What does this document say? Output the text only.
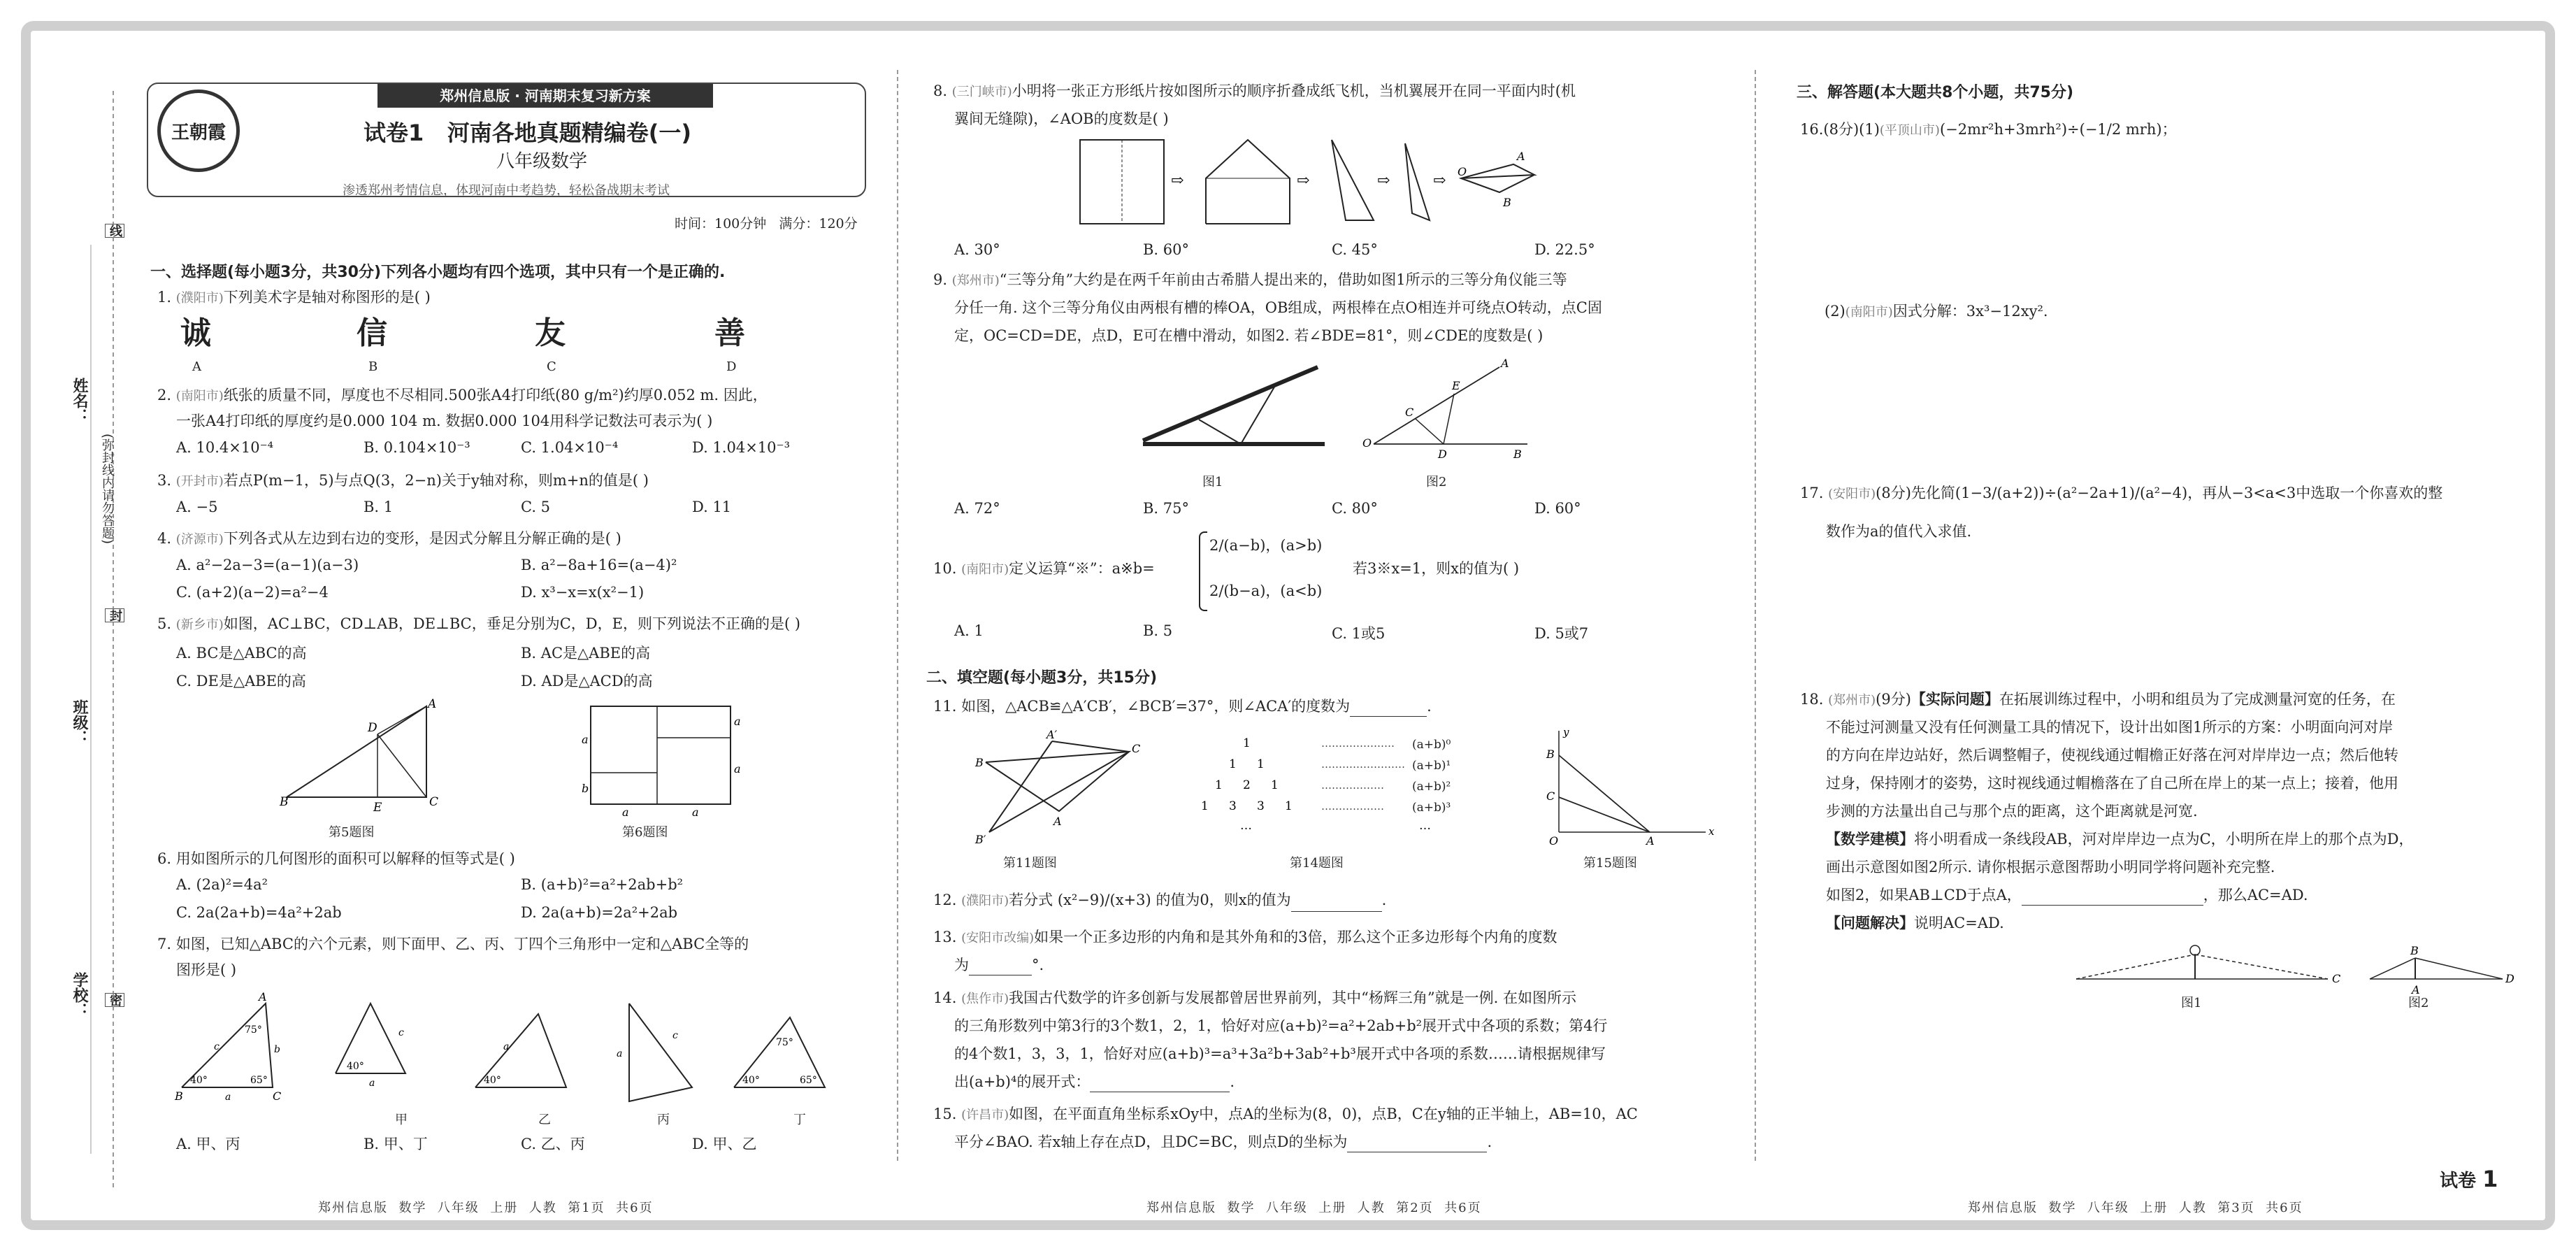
学校：
班级：
姓名：
(弥封线内请勿答题)
密
封
线
郑州信息版 · 河南期末复习新方案
王朝霞	试卷1   河南各地真题精编卷(一)
八年级数学
渗透郑州考情信息，体现河南中考趋势，轻松备战期末考试
时间：100分钟   满分：120分
一、选择题(每小题3分，共30分)下列各小题均有四个选项，其中只有一个是正确的.
1. (濮阳市)下列美术字是轴对称图形的是( )
诚	信	友	善
A	B	C	D
2. (南阳市)纸张的质量不同，厚度也不尽相同.500张A4打印纸(80 g/m²)约厚0.052 m. 因此，
一张A4打印纸的厚度约是0.000 104 m. 数据0.000 104用科学记数法可表示为( )
A. 10.4×10⁻⁴	B. 0.104×10⁻³	C. 1.04×10⁻⁴	D. 1.04×10⁻³
3. (开封市)若点P(m−1，5)与点Q(3，2−n)关于y轴对称，则m+n的值是( )
A. −5	B. 1	C. 5	D. 11
4. (济源市)下列各式从左边到右边的变形，是因式分解且分解正确的是( )
A. a²−2a−3=(a−1)(a−3)	B. a²−8a+16=(a−4)²
C. (a+2)(a−2)=a²−4	D. x³−x=x(x²−1)
5. (新乡市)如图，AC⊥BC，CD⊥AB，DE⊥BC，垂足分别为C，D，E，则下列说法不正确的是( )
A. BC是△ABC的高	B. AC是△ABE的高
C. DE是△ABE的高	D. AD是△ACD的高
B	C
A
D
E
第5题图
a
b
a
a
a	a
第6题图
6. 用如图所示的几何图形的面积可以解释的恒等式是( )
A. (2a)²=4a²	B. (a+b)²=a²+2ab+b²
C. 2a(2a+b)=4a²+2ab	D. 2a(a+b)=2a²+2ab
7. 如图，已知△ABC的六个元素，则下面甲、乙、丙、丁四个三角形中一定和△ABC全等的
图形是( )
A
B	C
75°
40°	65°
b
a
c
40°
c
a	40°
a
c
a
75°
40°	65°
甲	乙	丙	丁
A. 甲、丙	B. 甲、丁	C. 乙、丙	D. 甲、乙
郑州信息版  数学  八年级  上册  人教  第1页  共6页
8. (三门峡市)小明将一张正方形纸片按如图所示的顺序折叠成纸飞机，当机翼展开在同一平面内时(机
翼间无缝隙)，∠AOB的度数是( )
⇨	⇨	⇨	⇨
A
B
O
A. 30°	B. 60°	C. 45°	D. 22.5°
9. (郑州市)“三等分角”大约是在两千年前由古希腊人提出来的，借助如图1所示的三等分角仪能三等
分任一角. 这个三等分角仪由两根有槽的棒OA，OB组成，两根棒在点O相连并可绕点O转动，点C固
定，OC=CD=DE，点D，E可在槽中滑动，如图2. 若∠BDE=81°，则∠CDE的度数是( )
O
C
D
E
A
B
图1	图2
A. 72°	B. 75°	C. 80°	D. 60°
10. (南阳市)定义运算“※”：a※b=
2/(a−b)，(a>b)
2/(b−a)，(a<b)
若3※x=1，则x的值为( )
A. 1	B. 5	C. 1或5	D. 5或7
二、填空题(每小题3分，共15分)
11. 如图，△ACB≌△A′CB′，∠BCB′=37°，则∠ACA′的度数为	.
B
A′
C
A
B′
第11题图
1
1 1
1 2 1
1 3 3 1
…
…………………
……………………
………………
………………
…
(a+b)⁰
(a+b)¹
(a+b)²
(a+b)³
第14题图
y
x
B
C
O	A
第15题图
12. (濮阳市)若分式 (x²−9)/(x+3) 的值为0，则x的值为	.
13. (安阳市改编)如果一个正多边形的内角和是其外角和的3倍，那么这个正多边形每个内角的度数
为	°.
14. (焦作市)我国古代数学的许多创新与发展都曾居世界前列，其中“杨辉三角”就是一例. 在如图所示
的三角形数列中第3行的3个数1，2，1，恰好对应(a+b)²=a²+2ab+b²展开式中各项的系数；第4行
的4个数1，3，3，1，恰好对应(a+b)³=a³+3a²b+3ab²+b³展开式中各项的系数……请根据规律写
出(a+b)⁴的展开式：	.
15. (许昌市)如图，在平面直角坐标系xOy中，点A的坐标为(8，0)，点B，C在y轴的正半轴上，AB=10，AC
平分∠BAO. 若x轴上存在点D，且DC=BC，则点D的坐标为	.
郑州信息版  数学  八年级  上册  人教  第2页  共6页
三、解答题(本大题共8个小题，共75分)
16.(8分)(1)(平顶山市)(−2mr²h+3mrh²)÷(−1/2 mrh)；
(2)(南阳市)因式分解：3x³−12xy².
17. (安阳市)(8分)先化简(1−3/(a+2))÷(a²−2a+1)/(a²−4)，再从−3<a<3中选取一个你喜欢的整
数作为a的值代入求值.
18. (郑州市)(9分)【实际问题】在拓展训练过程中，小明和组员为了完成测量河宽的任务，在
不能过河测量又没有任何测量工具的情况下，设计出如图1所示的方案：小明面向河对岸
的方向在岸边站好，然后调整帽子，使视线通过帽檐正好落在河对岸岸边一点；然后他转
过身，保持刚才的姿势，这时视线通过帽檐落在了自己所在岸上的某一点上；接着，他用
步测的方法量出自己与那个点的距离，这个距离就是河宽.
【数学建模】将小明看成一条线段AB，河对岸岸边一点为C，小明所在岸上的那个点为D，
画出示意图如图2所示. 请你根据示意图帮助小明同学将问题补充完整.
如图2，如果AB⊥CD于点A，	，那么AC=AD.
【问题解决】说明AC=AD.
C
B
A
D
图1	图2
郑州信息版  数学  八年级  上册  人教  第3页  共6页
试卷 1
